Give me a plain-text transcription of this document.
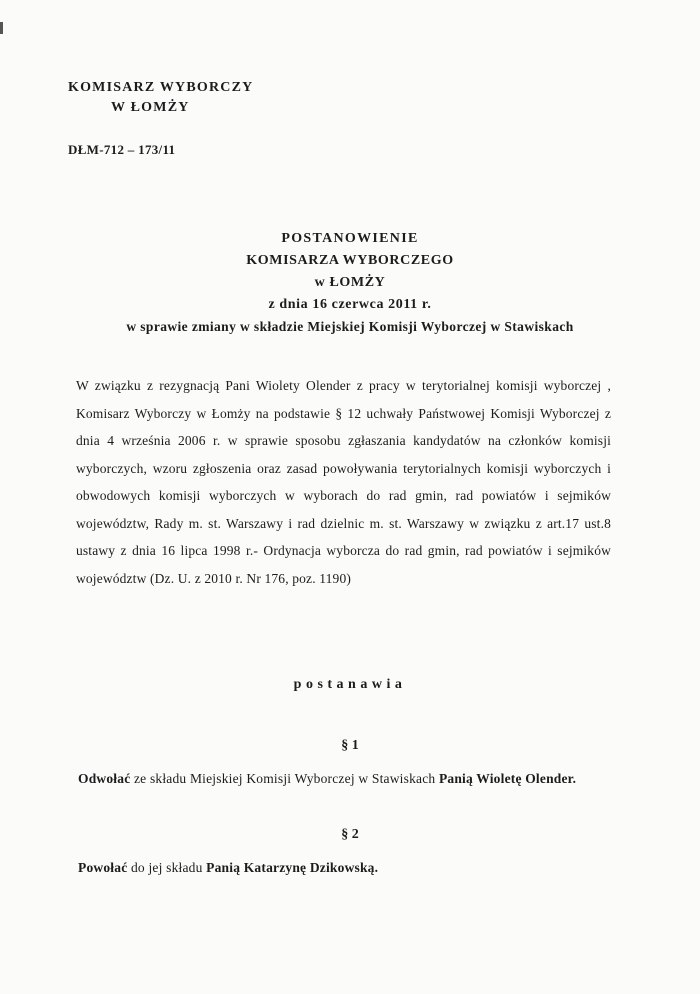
KOMISARZ WYBORCZY
W ŁOMŻY
DŁM-712 – 173/11
POSTANOWIENIE
KOMISARZA WYBORCZEGO
w ŁOMŻY
z dnia 16 czerwca 2011 r.
w sprawie zmiany w składzie Miejskiej Komisji Wyborczej w Stawiskach
W związku z rezygnacją Pani Wiolety Olender z pracy w terytorialnej komisji wyborczej , Komisarz Wyborczy w Łomży na podstawie § 12 uchwały Państwowej Komisji Wyborczej z dnia 4 września 2006 r. w sprawie sposobu zgłaszania kandydatów na członków komisji wyborczych, wzoru zgłoszenia oraz zasad powoływania terytorialnych komisji wyborczych i obwodowych komisji wyborczych w wyborach do rad gmin, rad powiatów i sejmików województw, Rady m. st. Warszawy i rad dzielnic m. st. Warszawy w związku z art.17 ust.8 ustawy z dnia 16 lipca 1998 r.- Ordynacja wyborcza do rad gmin, rad powiatów i sejmików województw (Dz. U. z 2010 r. Nr 176, poz. 1190)
postanawia
§ 1
Odwołać ze składu Miejskiej Komisji Wyborczej w Stawiskach Panią Wioletę Olender.
§ 2
Powołać do jej składu Panią Katarzynę Dzikowską.
